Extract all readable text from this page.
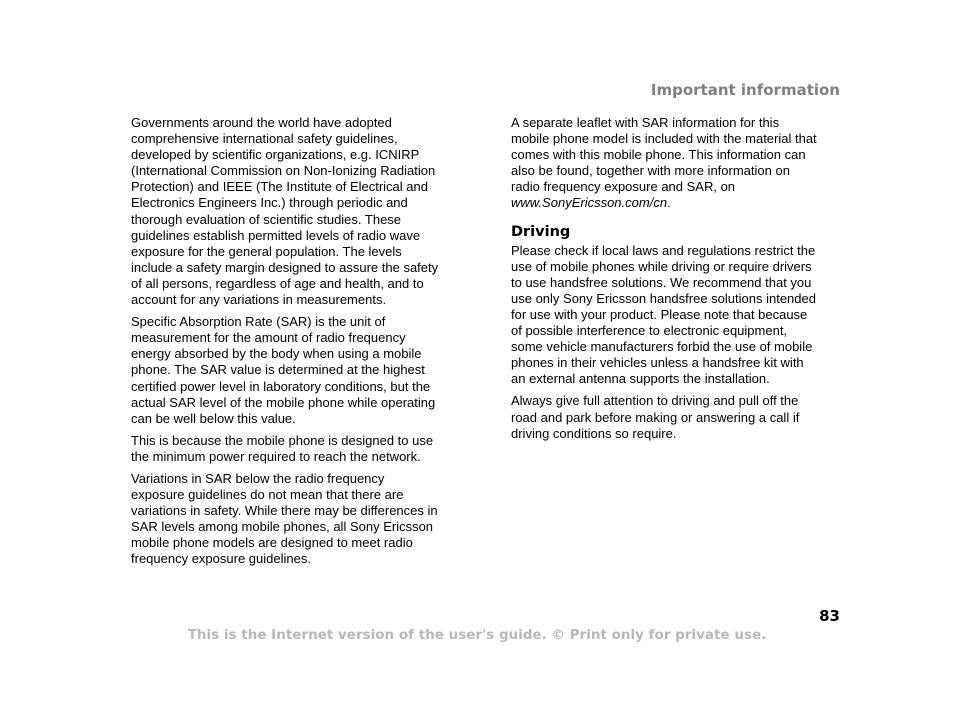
Important information

Governments around the world have adopted
comprehensive international safety guidelines,
developed by scientific organizations, e.g. ICNIRP
(International Commission on Non-Ionizing Radiation
Protection) and IEEE (The Institute of Electrical and
Electronics Engineers Inc.) through periodic and
thorough evaluation of scientific studies. These
guidelines establish permitted levels of radio wave
exposure for the general population. The levels
include a safety margin designed to assure the safety
of all persons, regardless of age and health, and to
account for any variations in measurements.

Specific Absorption Rate (SAR) is the unit of
measurement for the amount of radio frequency
energy absorbed by the body when using a mobile
phone. The SAR value is determined at the highest
certified power level in laboratory conditions, but the
actual SAR level of the mobile phone while operating
can be well below this value.

This is because the mobile phone is designed to use
the minimum power required to reach the network.

Variations in SAR below the radio frequency
exposure guidelines do not mean that there are
variations in safety. While there may be differences in
SAR levels among mobile phones, all Sony Ericsson
mobile phone models are designed to meet radio
frequency exposure guidelines.

A separate leaflet with SAR information for this
mobile phone model is included with the material that
comes with this mobile phone. This information can
also be found, together with more information on
radio frequency exposure and SAR, on
www.SonyEricsson.com/cn.

Driving

Please check if local laws and regulations restrict the
use of mobile phones while driving or require drivers
to use handsfree solutions. We recommend that you
use only Sony Ericsson handsfree solutions intended
for use with your product. Please note that because
of possible interference to electronic equipment,
some vehicle manufacturers forbid the use of mobile
phones in their vehicles unless a handsfree kit with
an external antenna supports the installation.

Always give full attention to driving and pull off the
road and park before making or answering a call if
driving conditions so require.

83
This is the Internet version of the user's guide. © Print only for private use.
